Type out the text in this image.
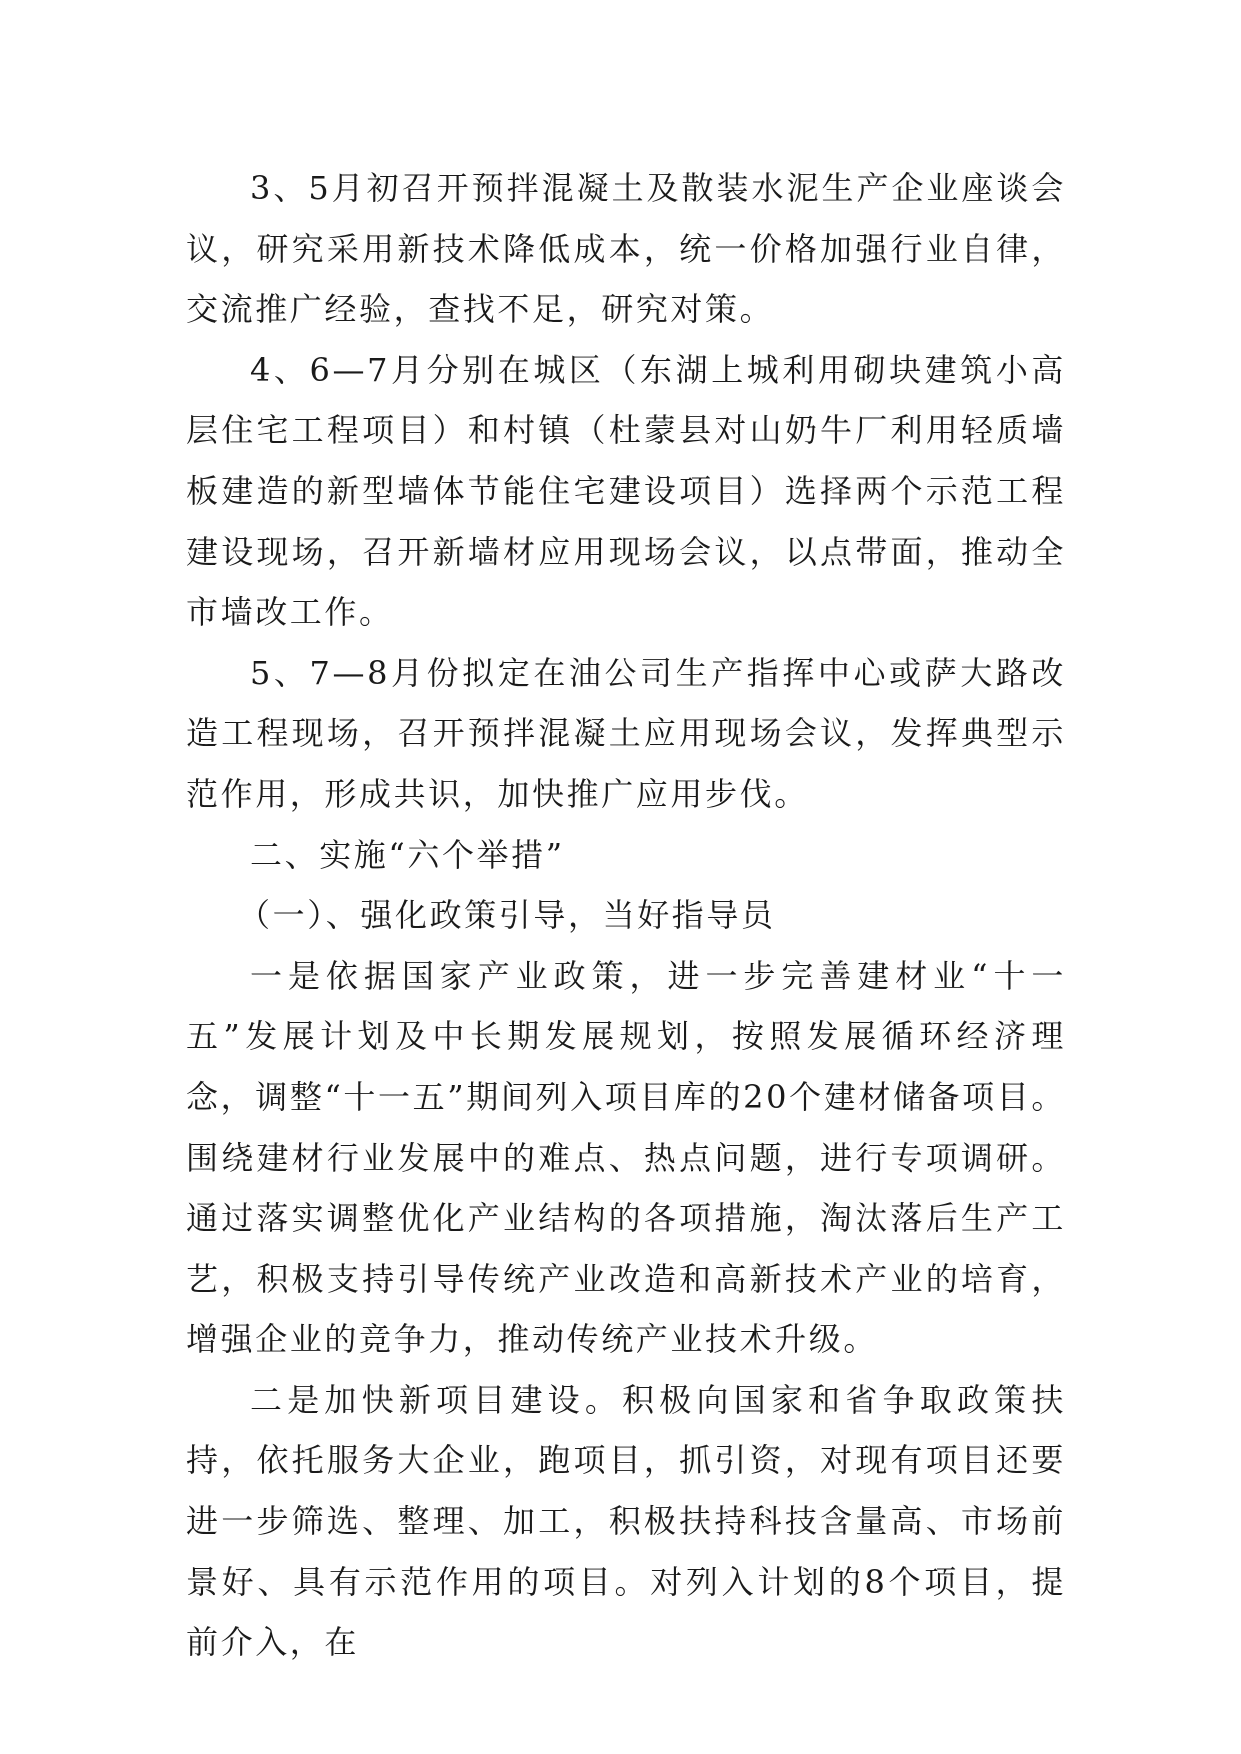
3、5月初召开预拌混凝土及散装水泥生产企业座谈会议，研究采用新技术降低成本，统一价格加强行业自律，交流推广经验，查找不足，研究对策。

4、6—7月分别在城区（东湖上城利用砌块建筑小高层住宅工程项目）和村镇（杜蒙县对山奶牛厂利用轻质墙板建造的新型墙体节能住宅建设项目）选择两个示范工程建设现场，召开新墙材应用现场会议，以点带面，推动全市墙改工作。

5、7—8月份拟定在油公司生产指挥中心或萨大路改造工程现场，召开预拌混凝土应用现场会议，发挥典型示范作用，形成共识，加快推广应用步伐。

二、实施“六个举措”

（一）、强化政策引导，当好指导员

一是依据国家产业政策，进一步完善建材业“十一五”发展计划及中长期发展规划，按照发展循环经济理念，调整“十一五”期间列入项目库的20个建材储备项目。围绕建材行业发展中的难点、热点问题，进行专项调研。通过落实调整优化产业结构的各项措施，淘汰落后生产工艺，积极支持引导传统产业改造和高新技术产业的培育，增强企业的竞争力，推动传统产业技术升级。

二是加快新项目建设。积极向国家和省争取政策扶持，依托服务大企业，跑项目，抓引资，对现有项目还要进一步筛选、整理、加工，积极扶持科技含量高、市场前景好、具有示范作用的项目。对列入计划的8个项目，提前介入，在
